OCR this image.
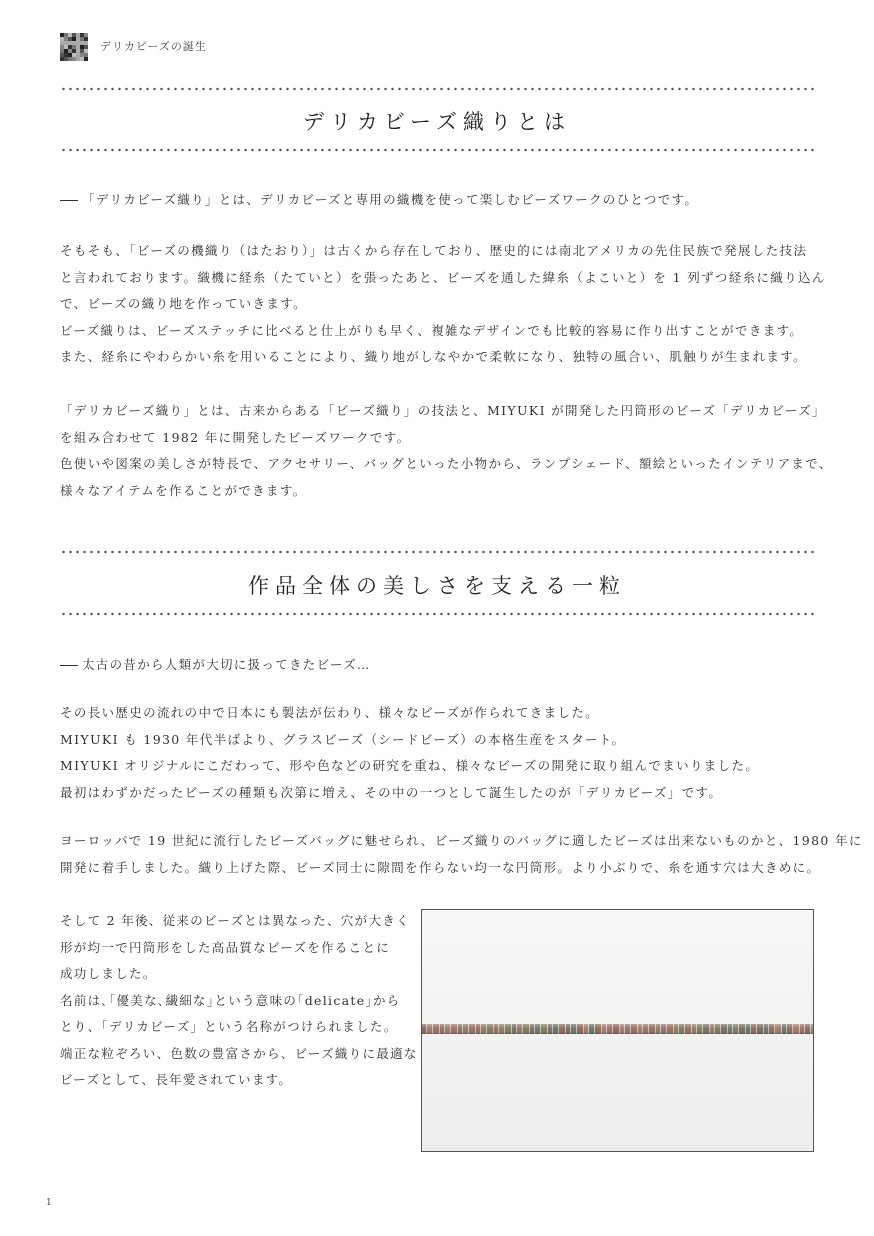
デリカビーズの誕生
デリカビーズ織りとは
「デリカビーズ織り」とは、デリカビーズと専用の織機を使って楽しむビーズワークのひとつです。

そもそも、「ビーズの機織り（はたおり）」は古くから存在しており、歴史的には南北アメリカの先住民族で発展した技法

と言われております。織機に経糸（たていと）を張ったあと、ビーズを通した緯糸（よこいと）を 1 列ずつ経糸に織り込ん

で、ビーズの織り地を作っていきます。

ビーズ織りは、ビーズステッチに比べると仕上がりも早く、複雑なデザインでも比較的容易に作り出すことができます。

また、経糸にやわらかい糸を用いることにより、織り地がしなやかで柔軟になり、独特の風合い、肌触りが生まれます。

「デリカビーズ織り」とは、古来からある「ビーズ織り」の技法と、MIYUKI が開発した円筒形のビーズ「デリカビーズ」

を組み合わせて 1982 年に開発したビーズワークです。

色使いや図案の美しさが特長で、アクセサリー、バッグといった小物から、ランプシェード、額絵といったインテリアまで、

様々なアイテムを作ることができます。

作品全体の美しさを支える一粒
太古の昔から人類が大切に扱ってきたビーズ…

その長い歴史の流れの中で日本にも製法が伝わり、様々なビーズが作られてきました。

MIYUKI も 1930 年代半ばより、グラスビーズ（シードビーズ）の本格生産をスタート。

MIYUKI オリジナルにこだわって、形や色などの研究を重ね、様々なビーズの開発に取り組んでまいりました。

最初はわずかだったビーズの種類も次第に増え、その中の一つとして誕生したのが「デリカビーズ」です。

ヨーロッパで 19 世紀に流行したビーズバッグに魅せられ、ビーズ織りのバッグに適したビーズは出来ないものかと、1980 年に

開発に着手しました。織り上げた際、ビーズ同士に隙間を作らない均一な円筒形。より小ぶりで、糸を通す穴は大きめに。

そして 2 年後、従来のビーズとは異なった、穴が大きく

形が均一で円筒形をした高品質なビーズを作ることに

成功しました。

名前は､｢優美な､繊細な｣という意味の｢delicate｣から

とり、「デリカビーズ」という名称がつけられました。

端正な粒ぞろい、色数の豊富さから、ビーズ織りに最適な

ビーズとして、長年愛されています。

1
